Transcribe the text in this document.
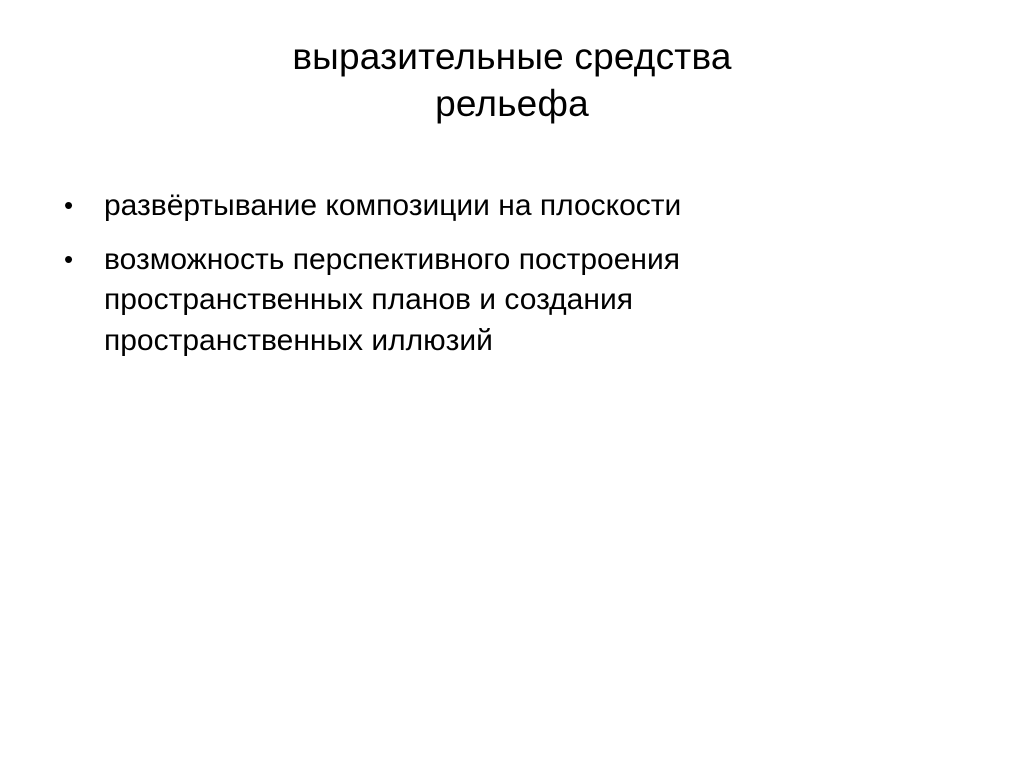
выразительные средства
рельефа
• развёртывание композиции на плоскости
• возможность перспективного построения
пространственных планов и создания
пространственных иллюзий
